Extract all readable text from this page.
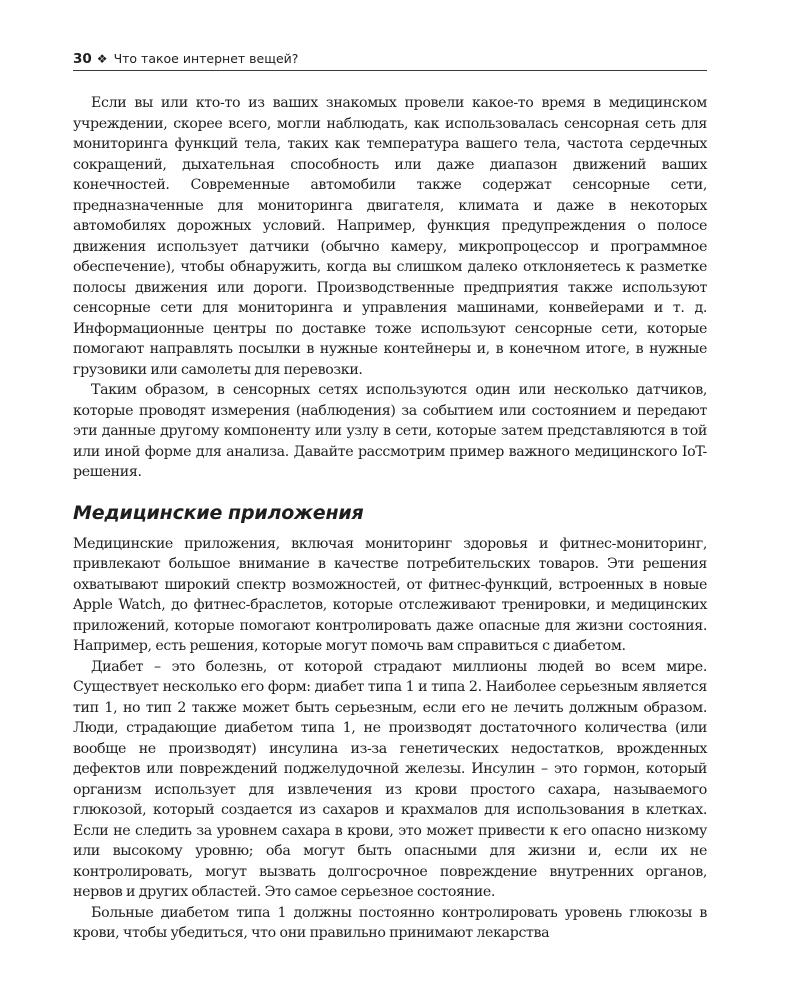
30 ❖ Что такое интернет вещей?

Если вы или кто-то из ваших знакомых провели какое-то время в медицинском учреждении, скорее всего, могли наблюдать, как использовалась сенсорная сеть для мониторинга функций тела, таких как температура вашего тела, частота сердечных сокращений, дыхательная способность или даже диапазон движений ваших конечностей. Современные автомобили также содержат сенсорные сети, предназначенные для мониторинга двигателя, климата и даже в некоторых автомобилях дорожных условий. Например, функция предупреждения о полосе движения использует датчики (обычно камеру, микропроцессор и программное обеспечение), чтобы обнаружить, когда вы слишком далеко отклоняетесь к разметке полосы движения или дороги. Производственные предприятия также используют сенсорные сети для мониторинга и управления машинами, конвейерами и т. д. Информационные центры по доставке тоже используют сенсорные сети, которые помогают направлять посылки в нужные контейнеры и, в конечном итоге, в нужные грузовики или самолеты для перевозки.

Таким образом, в сенсорных сетях используются один или несколько датчиков, которые проводят измерения (наблюдения) за событием или состоянием и передают эти данные другому компоненту или узлу в сети, которые затем представляются в той или иной форме для анализа. Давайте рассмотрим пример важного медицинского IoT-решения.

Медицинские приложения

Медицинские приложения, включая мониторинг здоровья и фитнес-мониторинг, привлекают большое внимание в качестве потребительских товаров. Эти решения охватывают широкий спектр возможностей, от фитнес-функций, встроенных в новые Apple Watch, до фитнес-браслетов, которые отслеживают тренировки, и медицинских приложений, которые помогают контролировать даже опасные для жизни состояния. Например, есть решения, которые могут помочь вам справиться с диабетом.

Диабет – это болезнь, от которой страдают миллионы людей во всем мире. Существует несколько его форм: диабет типа 1 и типа 2. Наиболее серьезным является тип 1, но тип 2 также может быть серьезным, если его не лечить должным образом. Люди, страдающие диабетом типа 1, не производят достаточного количества (или вообще не производят) инсулина из-за генетических недостатков, врожденных дефектов или повреждений поджелудочной железы. Инсулин – это гормон, который организм использует для извлечения из крови простого сахара, называемого глюкозой, который создается из сахаров и крахмалов для использования в клетках. Если не следить за уровнем сахара в крови, это может привести к его опасно низкому или высокому уровню; оба могут быть опасными для жизни и, если их не контролировать, могут вызвать долгосрочное повреждение внутренних органов, нервов и других областей. Это самое серьезное состояние.

Больные диабетом типа 1 должны постоянно контролировать уровень глюкозы в крови, чтобы убедиться, что они правильно принимают лекарства
